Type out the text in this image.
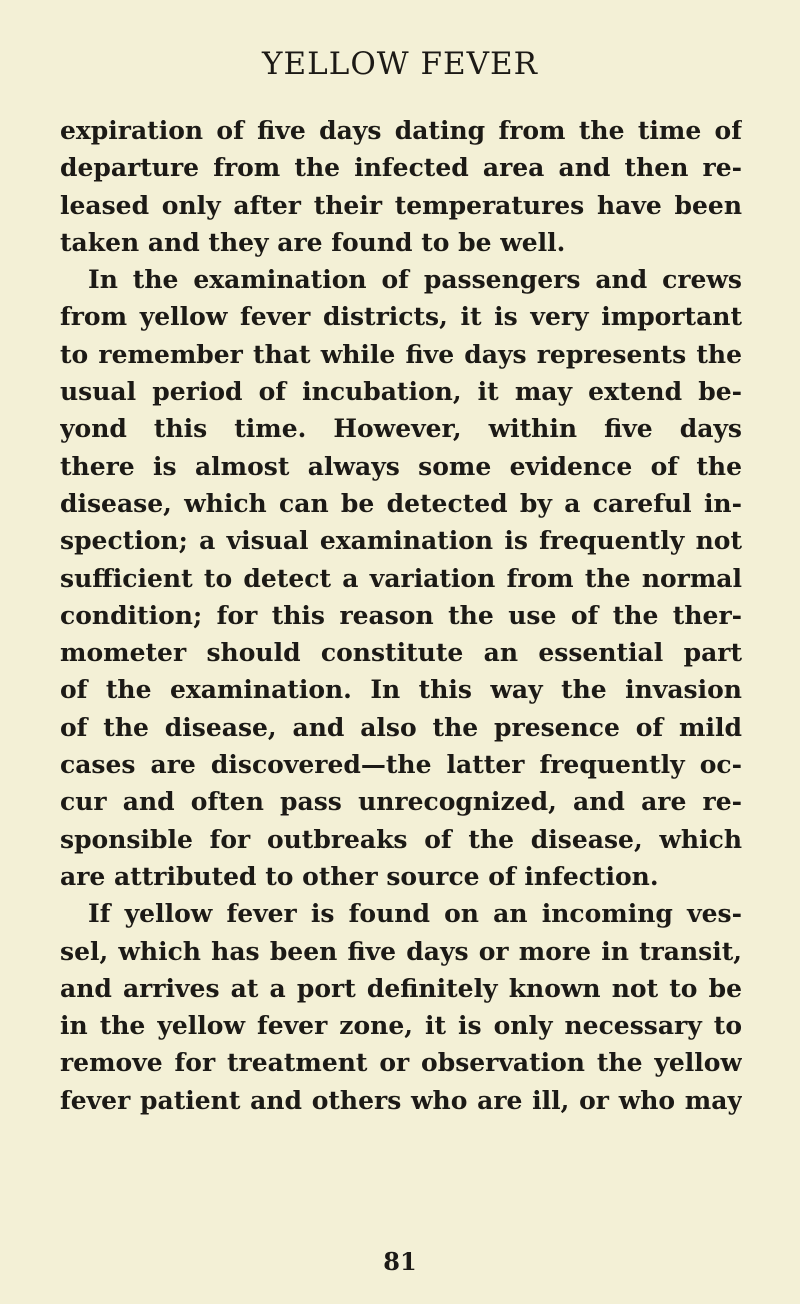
YELLOW FEVER
expiration of five days dating from the time of
departure from the infected area and then re-
leased only after their temperatures have been
taken and they are found to be well.
In the examination of passengers and crews
from yellow fever districts, it is very important
to remember that while five days represents the
usual period of incubation, it may extend be-
yond this time. However, within five days
there is almost always some evidence of the
disease, which can be detected by a careful in-
spection; a visual examination is frequently not
sufficient to detect a variation from the normal
condition; for this reason the use of the ther-
mometer should constitute an essential part
of the examination. In this way the invasion
of the disease, and also the presence of mild
cases are discovered—the latter frequently oc-
cur and often pass unrecognized, and are re-
sponsible for outbreaks of the disease, which
are attributed to other source of infection.
If yellow fever is found on an incoming ves-
sel, which has been five days or more in transit,
and arrives at a port definitely known not to be
in the yellow fever zone, it is only necessary to
remove for treatment or observation the yellow
fever patient and others who are ill, or who may
81
